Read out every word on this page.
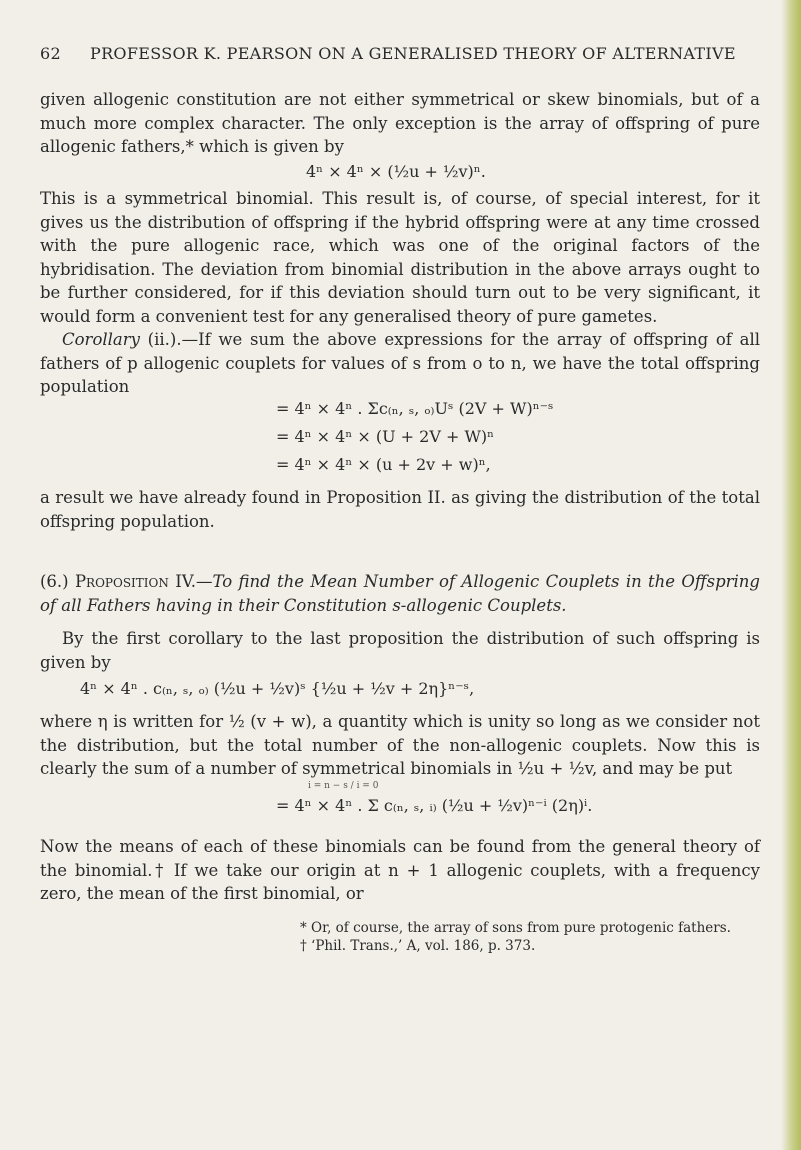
62 PROFESSOR K. PEARSON ON A GENERALISED THEORY OF ALTERNATIVE

given allogenic constitution are not either symmetrical or skew binomials, but of a much more complex character. The only exception is the array of offspring of pure allogenic fathers,* which is given by

4ⁿ × 4ⁿ × (½u + ½v)ⁿ.

This is a symmetrical binomial. This result is, of course, of special interest, for it gives us the distribution of offspring if the hybrid offspring were at any time crossed with the pure allogenic race, which was one of the original factors of the hybridisation. The deviation from binomial distribution in the above arrays ought to be further considered, for if this deviation should turn out to be very significant, it would form a convenient test for any generalised theory of pure gametes.

Corollary (ii.).—If we sum the above expressions for the array of offspring of all fathers of p allogenic couplets for values of s from o to n, we have the total offspring population

= 4ⁿ × 4ⁿ . Σc₍ₙ, ₛ, ₒ₎Uˢ (2V + W)ⁿ⁻ˢ
= 4ⁿ × 4ⁿ × (U + 2V + W)ⁿ
= 4ⁿ × 4ⁿ × (u + 2v + w)ⁿ,

a result we have already found in Proposition II. as giving the distribution of the total offspring population.

(6.) Proposition IV.—To find the Mean Number of Allogenic Couplets in the Offspring of all Fathers having in their Constitution s-allogenic Couplets.

By the first corollary to the last proposition the distribution of such offspring is given by

4ⁿ × 4ⁿ . c₍ₙ, ₛ, ₒ₎ (½u + ½v)ˢ {½u + ½v + 2η}ⁿ⁻ˢ,

where η is written for ½ (v + w), a quantity which is unity so long as we consider not the distribution, but the total number of the non-allogenic couplets. Now this is clearly the sum of a number of symmetrical binomials in ½u + ½v, and may be put

i = n − s / i = 0
= 4ⁿ × 4ⁿ . Σ c₍ₙ, ₛ, ᵢ₎ (½u + ½v)ⁿ⁻ⁱ (2η)ⁱ.

Now the means of each of these binomials can be found from the general theory of the binomial.† If we take our origin at n + 1 allogenic couplets, with a frequency zero, the mean of the first binomial, or

* Or, of course, the array of sons from pure protogenic fathers.
† ‘Phil. Trans.,’ A, vol. 186, p. 373.
